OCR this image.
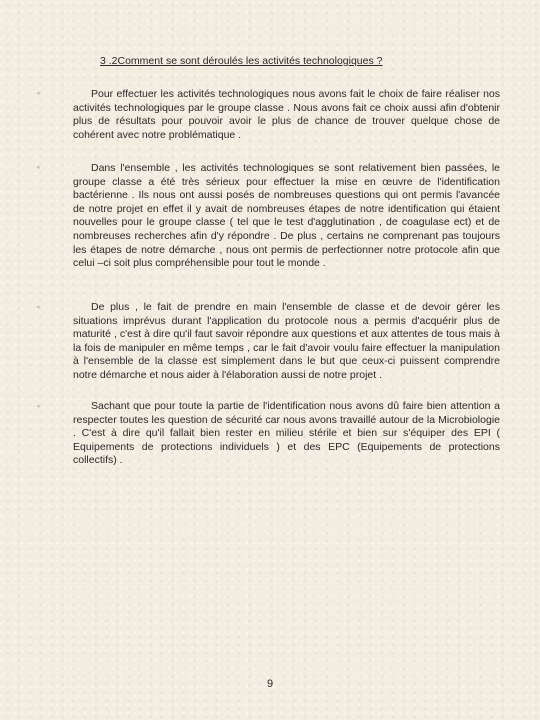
3 .2Comment se sont déroulés les activités technologiques ?
◂	Pour effectuer les activités technologiques nous avons fait le choix de faire réaliser nos activités technologiques par le groupe classe . Nous avons fait ce choix aussi afin d'obtenir plus de résultats pour pouvoir avoir le plus de chance de trouver quelque chose de cohérent avec notre problématique .

◂	Dans l'ensemble , les activités technologiques se sont relativement bien passées, le groupe classe a été très sérieux pour effectuer la mise en œuvre de l'identification bactérienne . Ils nous ont aussi posés de nombreuses questions qui ont permis l'avancée de notre projet en effet il y avait de nombreuses étapes de notre identification qui étaient nouvelles pour le groupe classe ( tel que le test d'agglutination , de coagulase ect) et de nombreuses recherches afin d'y répondre . De plus , certains ne comprenant pas toujours les étapes de notre démarche , nous ont permis de perfectionner notre protocole afin que celui –ci soit plus compréhensible pour tout le monde .

◂	De plus , le fait de prendre en main l'ensemble de classe et de devoir gérer les situations imprévus durant l'application du protocole nous a permis d'acquérir plus de maturité , c'est à dire qu'il faut savoir répondre aux questions et aux attentes de tous mais à la fois de manipuler en même temps , car le fait d'avoir voulu faire effectuer la manipulation à l'ensemble de la classe est simplement dans le but que ceux-ci puissent comprendre notre démarche et nous aider à l'élaboration aussi de notre projet .

◂	Sachant que pour toute la partie de l'identification nous avons dû faire bien attention a respecter toutes les question de sécurité car nous avons travaillé autour de la Microbiologie . C'est à dire qu'il fallait bien rester en milieu stérile et bien sur s'équiper des EPI ( Equipements de protections individuels ) et des EPC (Equipements de protections collectifs) .

9
